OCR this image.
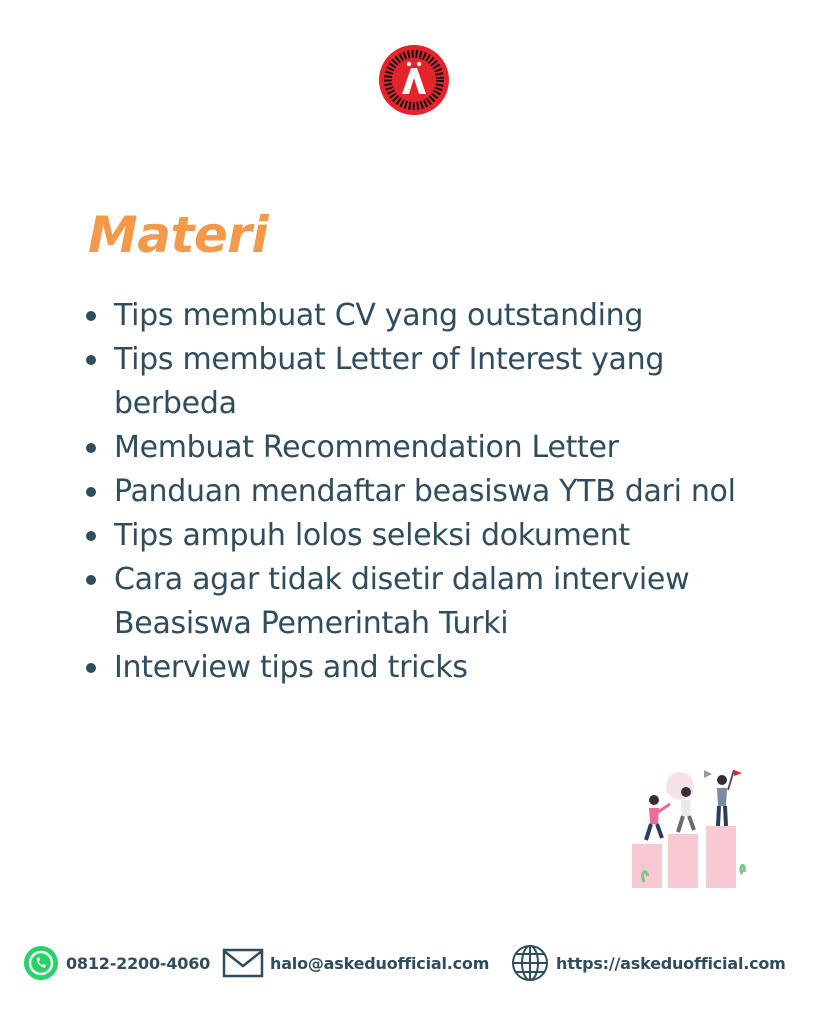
Materi
Tips membuat CV yang outstanding
Tips membuat Letter of Interest yang berbeda
Membuat Recommendation Letter
Panduan mendaftar beasiswa YTB dari nol
Tips ampuh lolos seleksi dokument
Cara agar tidak disetir dalam interview Beasiswa Pemerintah Turki
Interview tips and tricks
0812-2200-4060	halo@askeduofficial.com	https://askeduofficial.com
